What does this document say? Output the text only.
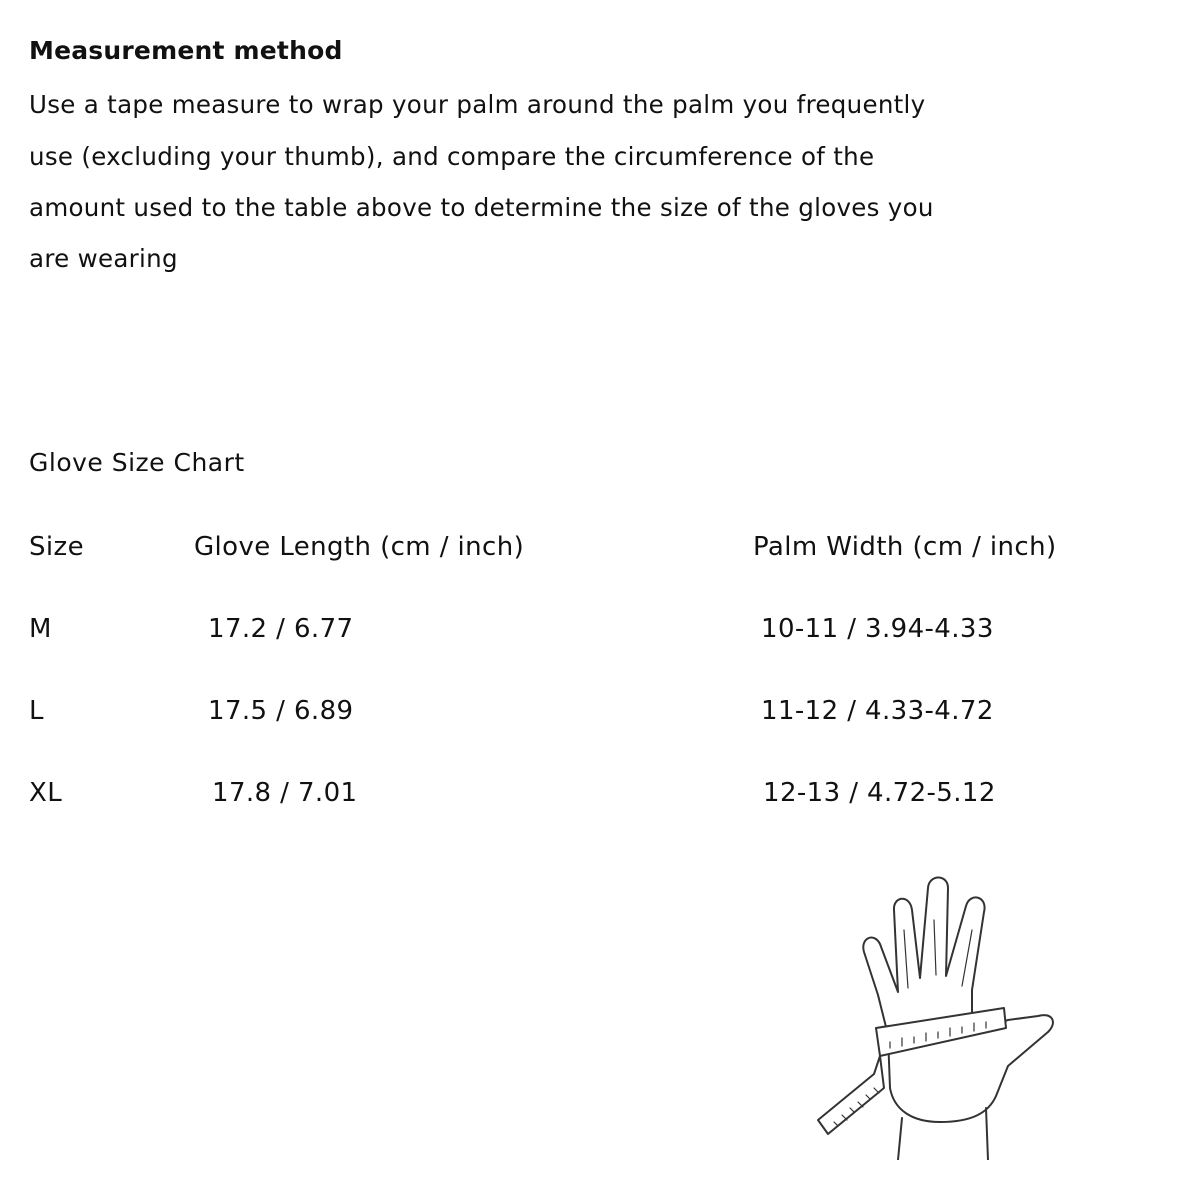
Measurement method
Use a tape measure to wrap your palm around the palm you frequently
use (excluding your thumb), and compare the circumference of the
amount used to the table above to determine the size of the gloves you
are wearing
Glove Size Chart
Size	Glove Length (cm / inch)	Palm Width (cm / inch)
M	17.2 / 6.77	10-11 / 3.94-4.33
L	17.5 / 6.89	11-12 / 4.33-4.72
XL	17.8 / 7.01	12-13 / 4.72-5.12
